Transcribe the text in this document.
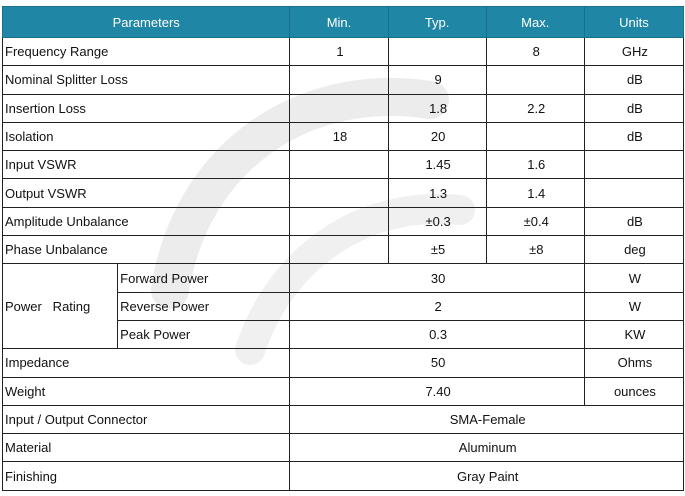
Parameters		Min.	Typ.	Max.	Units
Frequency Range		1		8	GHz
Nominal Splitter Loss			9		dB
Insertion Loss			1.8	2.2	dB
Isolation		18	20		dB
Input VSWR			1.45	1.6	
Output VSWR			1.3	1.4	
Amplitude Unbalance			±0.3	±0.4	dB
Phase Unbalance			±5	±8	deg
Power   Rating	Forward Power	30			W
	Reverse Power	2			W
	Peak Power	0.3			KW
Impedance		50			Ohms
Weight		7.40			ounces
Input / Output Connector		SMA-Female			
Material		Aluminum			
Finishing		Gray Paint			
